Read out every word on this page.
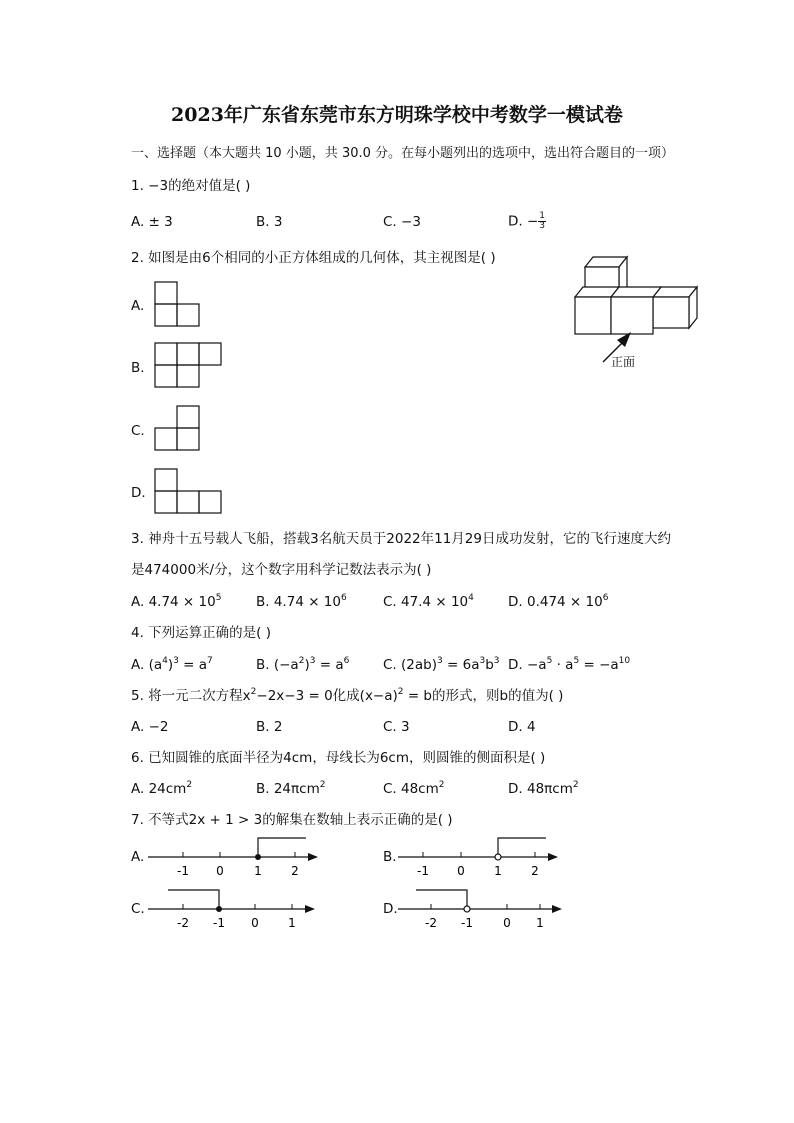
2023年广东省东莞市东方明珠学校中考数学一模试卷
一、选择题（本大题共 10 小题，共 30.0 分。在每小题列出的选项中，选出符合题目的一项）
1. −3的绝对值是( )
A. ± 3	B. 3	C. −3	D. − $\frac{1}{3}$
2. 如图是由6个相同的小正方体组成的几何体，其主视图是( )
正面
A.
B.
C.
D.
3. 神舟十五号载人飞船，搭载3名航天员于2022年11月29日成功发射，它的飞行速度大约
是474000米/分，这个数字用科学记数法表示为( )
A. $4.74 \times 10^5$	B. $4.74 \times 10^6$	C. $47.4 \times 10^4$	D. $0.474 \times 10^6$
4. 下列运算正确的是( )
A. $(a^4)^3 = a^7$	B. $(-a^2)^3 = a^6$ C. $(2ab)^3 = 6a^3b^3$ D. $-a^5 \cdot a^5 = -a^{10}$
5. 将一元二次方程$x^2-2x-3 = 0$化成$(x-a)^2 = b$的形式，则b的值为( )
A. −2	B. 2	C. 3	D. 4
6. 已知圆锥的底面半径为4cm，母线长为6cm，则圆锥的侧面积是( )
A. $24cm^2$	B. 24πcm$^2$	C. $48cm^2$	D. 48πcm$^2$
7. 不等式2x + 1 > 3的解集在数轴上表示正确的是( )
A.
-1 0	1 2
B.
-1 0 1 2
C.
-2 -1 0 1
D.
-2 -1	0 1
